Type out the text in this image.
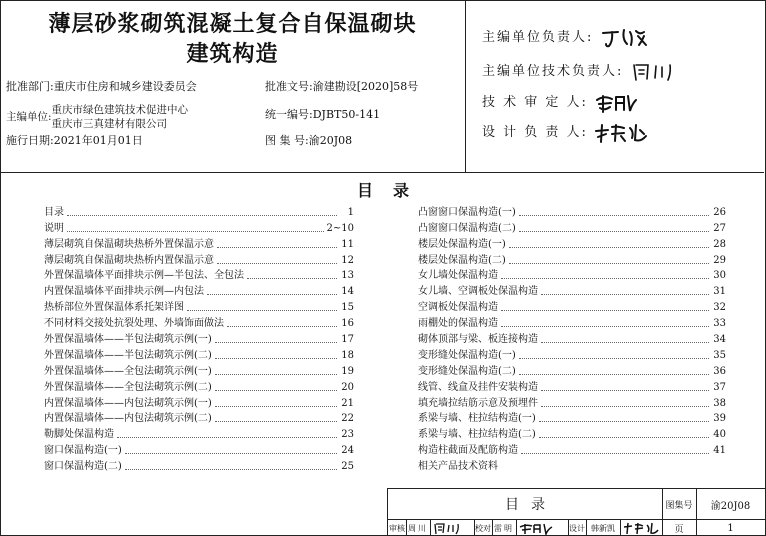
薄层砂浆砌筑混凝土复合自保温砌块
建筑构造
批准部门:重庆市住房和城乡建设委员会	批准文号:渝建勘设[2020]58号
主编单位:
重庆市绿色建筑技术促进中心
重庆市三真建材有限公司
统一编号:DJBT50-141
施行日期:2021年01月01日	图 集 号:渝20J08
主编单位负责人:
主编单位技术负责人:
技 术 审 定 人:
设 计 负 责 人:
目录
目录	1
说明	2~10
薄层砌筑自保温砌块热桥外置保温示意	11
薄层砌筑自保温砌块热桥内置保温示意	12
外置保温墙体平面排块示例—半包法、全包法	13
内置保温墙体平面排块示例—内包法	14
热桥部位外置保温体系托架详图	15
不同材料交接处抗裂处理、外墙饰面做法	16
外置保温墙体——半包法砌筑示例(一)	17
外置保温墙体——半包法砌筑示例(二)	18
外置保温墙体——全包法砌筑示例(一)	19
外置保温墙体——全包法砌筑示例(二)	20
内置保温墙体——内包法砌筑示例(一)	21
内置保温墙体——内包法砌筑示例(二)	22
勒脚处保温构造	23
窗口保温构造(一)	24
窗口保温构造(二)	25
凸窗窗口保温构造(一)	26
凸窗窗口保温构造(二)	27
楼层处保温构造(一)	28
楼层处保温构造(二)	29
女儿墙处保温构造	30
女儿墙、空调板处保温构造	31
空调板处保温构造	32
雨棚处的保温构造	33
砌体顶部与梁、板连接构造	34
变形缝处保温构造(一)	35
变形缝处保温构造(二)	36
线管、线盒及挂件安装构造	37
填充墙拉结筋示意及预埋件	38
系梁与墙、柱拉结构造(一)	39
系梁与墙、柱拉结构造(二)	40
构造柱截面及配筋构造	41
相关产品技术资料
目录	图集号	渝20J08
审核 周川	校对 雷明	设计 韩新凯	页	1
